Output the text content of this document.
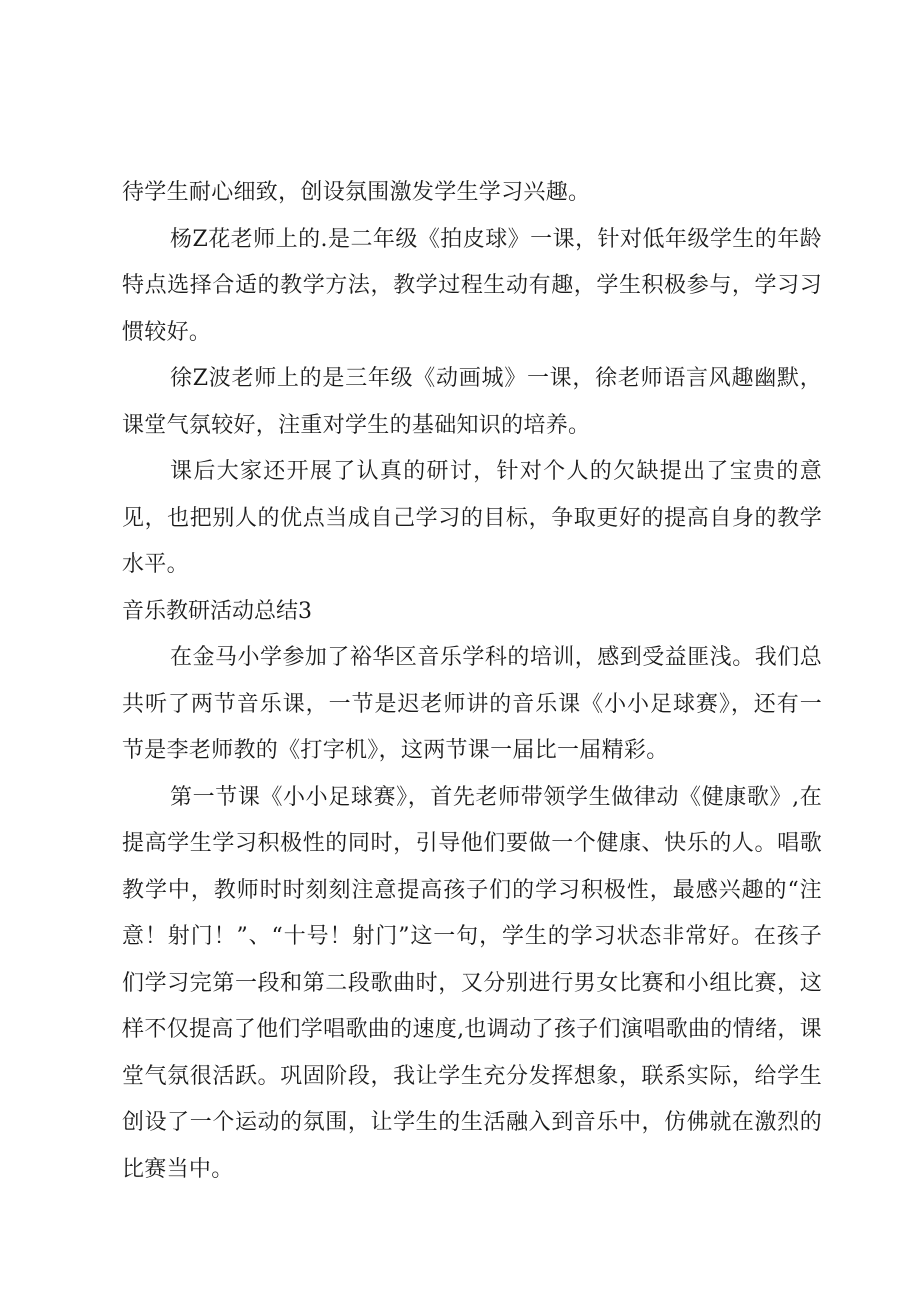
待学生耐心细致，创设氛围激发学生学习兴趣。

杨Z花老师上的.是二年级《拍皮球》一课，针对低年级学生的年龄特点选择合适的教学方法，教学过程生动有趣，学生积极参与，学习习惯较好。

徐Z波老师上的是三年级《动画城》一课，徐老师语言风趣幽默，课堂气氛较好，注重对学生的基础知识的培养。

课后大家还开展了认真的研讨，针对个人的欠缺提出了宝贵的意见，也把别人的优点当成自己学习的目标，争取更好的提高自身的教学水平。

音乐教研活动总结3

在金马小学参加了裕华区音乐学科的培训，感到受益匪浅。我们总共听了两节音乐课，一节是迟老师讲的音乐课《小小足球赛》，还有一节是李老师教的《打字机》，这两节课一届比一届精彩。

第一节课《小小足球赛》，首先老师带领学生做律动《健康歌》,在提高学生学习积极性的同时，引导他们要做一个健康、快乐的人。唱歌教学中，教师时时刻刻注意提高孩子们的学习积极性，最感兴趣的“注意！射门！”、“十号！射门”这一句，学生的学习状态非常好。在孩子们学习完第一段和第二段歌曲时，又分别进行男女比赛和小组比赛，这样不仅提高了他们学唱歌曲的速度,也调动了孩子们演唱歌曲的情绪，课堂气氛很活跃。巩固阶段，我让学生充分发挥想象，联系实际，给学生创设了一个运动的氛围，让学生的生活融入到音乐中，仿佛就在激烈的比赛当中。
